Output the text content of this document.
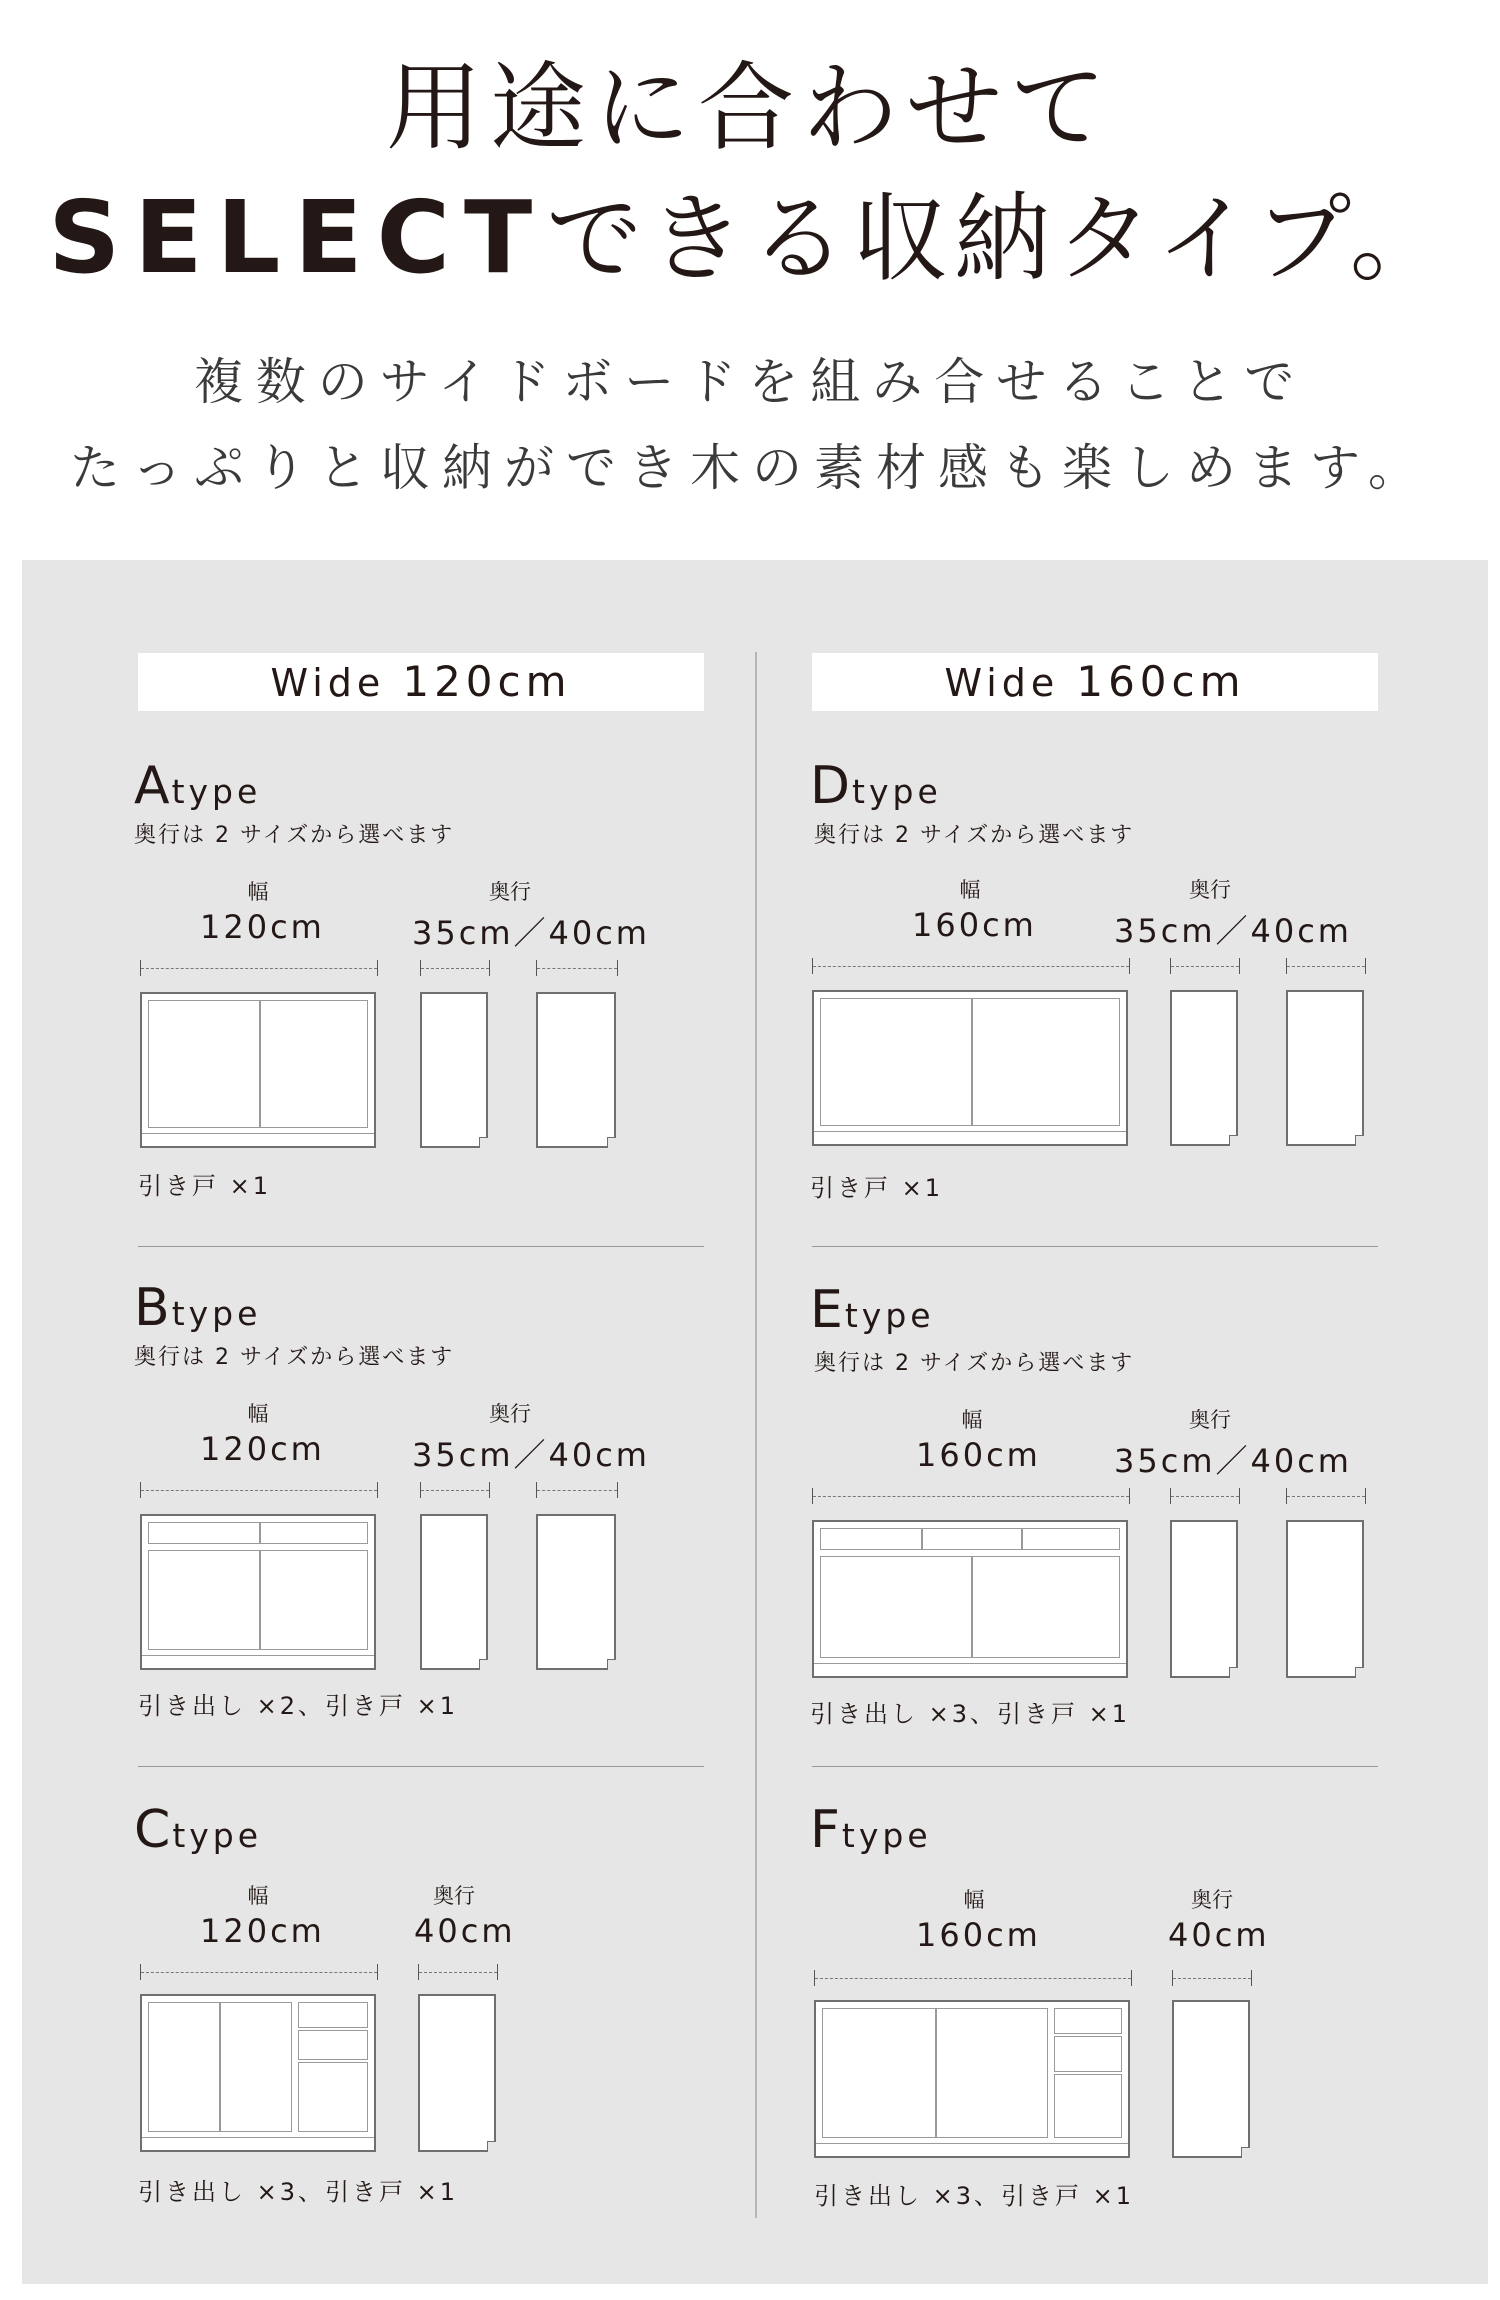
用途に合わせて
SELECTできる収納タイプ。
複数のサイドボードを組み合せることで
たっぷりと収納ができ木の素材感も楽しめます。
Wide 120cm	Wide 160cm
Atype
奥行は 2 サイズから選べます
幅	奥行
120cm	35cm／40cm
引き戸 ×1
Btype
奥行は 2 サイズから選べます
幅	奥行
120cm	35cm／40cm
引き出し ×2、引き戸 ×1
Ctype
幅	奥行
120cm	40cm
引き出し ×3、引き戸 ×1
Dtype
奥行は 2 サイズから選べます
幅	奥行
160cm 35cm／40cm
引き戸 ×1
Etype
奥行は 2 サイズから選べます
幅	奥行
160cm 35cm／40cm
引き出し ×3、引き戸 ×1
Ftype
幅	奥行
160cm	40cm
引き出し ×3、引き戸 ×1
